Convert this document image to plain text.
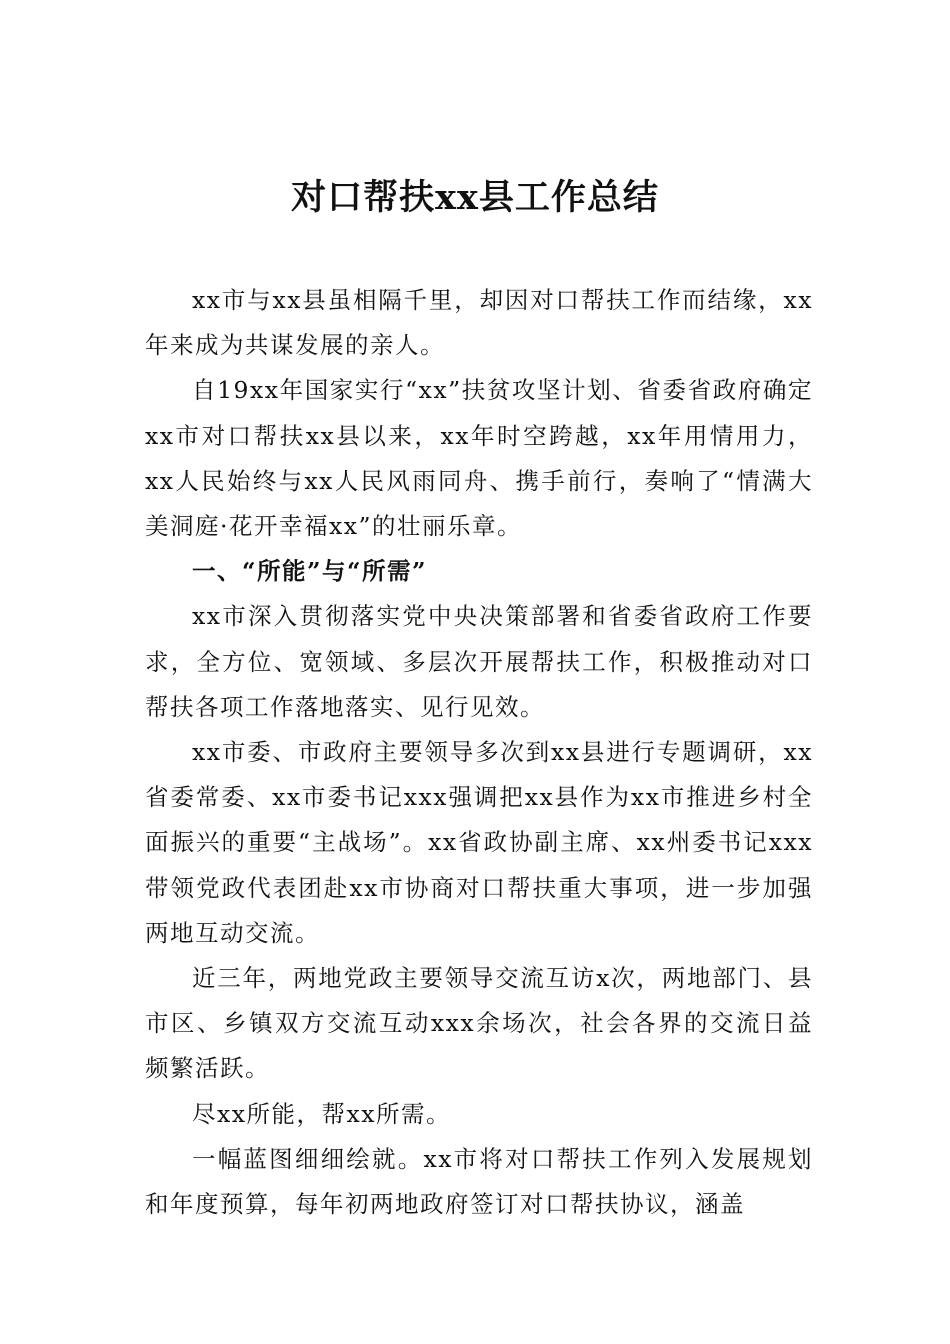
对口帮扶xx县工作总结

xx市与xx县虽相隔千里，却因对口帮扶工作而结缘，xx年来成为共谋发展的亲人。

自19xx年国家实行“xx”扶贫攻坚计划、省委省政府确定xx市对口帮扶xx县以来，xx年时空跨越，xx年用情用力，xx人民始终与xx人民风雨同舟、携手前行，奏响了“情满大美洞庭·花开幸福xx”的壮丽乐章。

一、“所能”与“所需”

xx市深入贯彻落实党中央决策部署和省委省政府工作要求，全方位、宽领域、多层次开展帮扶工作，积极推动对口帮扶各项工作落地落实、见行见效。

xx市委、市政府主要领导多次到xx县进行专题调研，xx省委常委、xx市委书记xxx强调把xx县作为xx市推进乡村全面振兴的重要“主战场”。xx省政协副主席、xx州委书记xxx带领党政代表团赴xx市协商对口帮扶重大事项，进一步加强两地互动交流。

近三年，两地党政主要领导交流互访x次，两地部门、县市区、乡镇双方交流互动xxx余场次，社会各界的交流日益频繁活跃。

尽xx所能，帮xx所需。

一幅蓝图细细绘就。xx市将对口帮扶工作列入发展规划和年度预算，每年初两地政府签订对口帮扶协议，涵盖
